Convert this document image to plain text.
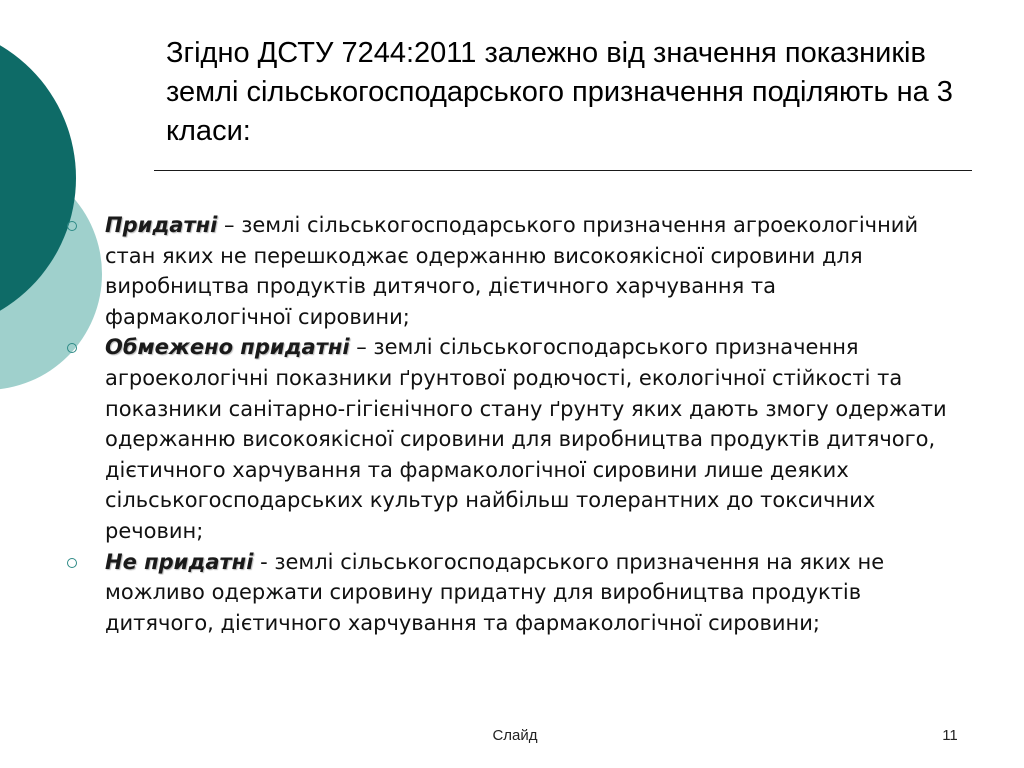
Згідно ДСТУ 7244:2011 залежно від значення показників землі сільськогосподарського призначення поділяють на 3 класи:
Придатні – землі сільськогосподарського призначення агроекологічний стан яких не перешкоджає одержанню високоякісної сировини для виробництва продуктів дитячого, дієтичного харчування та фармакологічної сировини;
Обмежено придатні – землі сільськогосподарського призначення агроекологічні показники ґрунтової родючості, екологічної стійкості та показники санітарно-гігієнічного стану ґрунту яких дають змогу одержати одержанню високоякісної сировини для виробництва продуктів дитячого, дієтичного харчування та фармакологічної сировини лише деяких сільськогосподарських культур найбільш толерантних до токсичних речовин;
Не придатні - землі сільськогосподарського призначення на яких не можливо одержати сировину придатну для виробництва продуктів дитячого, дієтичного харчування та фармакологічної сировини;
Слайд	11
